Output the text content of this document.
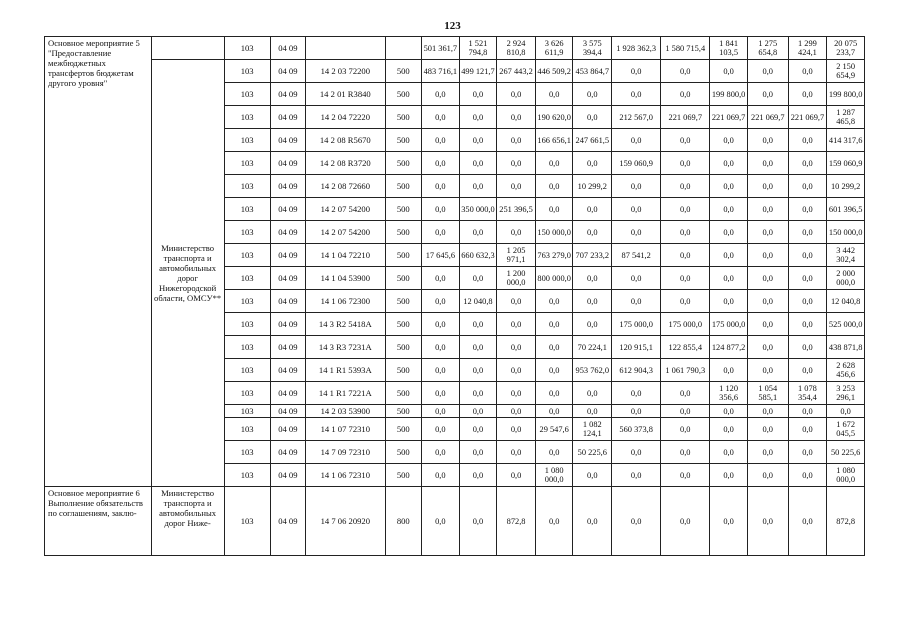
123
Основное мероприятие 5 "Предоставление межбюджетных трансфертов бюджетам другого уровня"		103	04 09			501 361,7	1 521 794,8	2 924 810,8	3 626 611,9	3 575 394,4	1 928 362,3	1 580 715,4	1 841 103,5	1 275 654,8	1 299 424,1	20 075 233,7
	Министерство транспорта и автомобильных дорог Нижегородской области, ОМСУ**	103	04 09	14 2 03 72200	500	483 716,1	499 121,7	267 443,2	446 509,2	453 864,7	0,0	0,0	0,0	0,0	0,0	2 150 654,9
		103	04 09	14 2 01 R3840	500	0,0	0,0	0,0	0,0	0,0	0,0	0,0	199 800,0	0,0	0,0	199 800,0
		103	04 09	14 2 04 72220	500	0,0	0,0	0,0	190 620,0	0,0	212 567,0	221 069,7	221 069,7	221 069,7	221 069,7	1 287 465,8
		103	04 09	14 2 08 R5670	500	0,0	0,0	0,0	166 656,1	247 661,5	0,0	0,0	0,0	0,0	0,0	414 317,6
		103	04 09	14 2 08 R3720	500	0,0	0,0	0,0	0,0	0,0	159 060,9	0,0	0,0	0,0	0,0	159 060,9
		103	04 09	14 2 08 72660	500	0,0	0,0	0,0	0,0	10 299,2	0,0	0,0	0,0	0,0	0,0	10 299,2
		103	04 09	14 2 07 54200	500	0,0	350 000,0	251 396,5	0,0	0,0	0,0	0,0	0,0	0,0	0,0	601 396,5
		103	04 09	14 2 07 54200	500	0,0	0,0	0,0	150 000,0	0,0	0,0	0,0	0,0	0,0	0,0	150 000,0
		103	04 09	14 1 04 72210	500	17 645,6	660 632,3	1 205 971,1	763 279,0	707 233,2	87 541,2	0,0	0,0	0,0	0,0	3 442 302,4
		103	04 09	14 1 04 53900	500	0,0	0,0	1 200 000,0	800 000,0	0,0	0,0	0,0	0,0	0,0	0,0	2 000 000,0
		103	04 09	14 1 06 72300	500	0,0	12 040,8	0,0	0,0	0,0	0,0	0,0	0,0	0,0	0,0	12 040,8
		103	04 09	14 3 R2 5418A	500	0,0	0,0	0,0	0,0	0,0	175 000,0	175 000,0	175 000,0	0,0	0,0	525 000,0
		103	04 09	14 3 R3 7231A	500	0,0	0,0	0,0	0,0	70 224,1	120 915,1	122 855,4	124 877,2	0,0	0,0	438 871,8
		103	04 09	14 1 R1 5393A	500	0,0	0,0	0,0	0,0	953 762,0	612 904,3	1 061 790,3	0,0	0,0	0,0	2 628 456,6
		103	04 09	14 1 R1 7221A	500	0,0	0,0	0,0	0,0	0,0	0,0	0,0	1 120 356,6	1 054 585,1	1 078 354,4	3 253 296,1
		103	04 09	14 2 03 53900	500	0,0	0,0	0,0	0,0	0,0	0,0	0,0	0,0	0,0	0,0	0,0
		103	04 09	14 1 07 72310	500	0,0	0,0	0,0	29 547,6	1 082 124,1	560 373,8	0,0	0,0	0,0	0,0	1 672 045,5
		103	04 09	14 7 09 72310	500	0,0	0,0	0,0	0,0	50 225,6	0,0	0,0	0,0	0,0	0,0	50 225,6
		103	04 09	14 1 06 72310	500	0,0	0,0	0,0	1 080 000,0	0,0	0,0	0,0	0,0	0,0	0,0	1 080 000,0
Основное мероприятие 6 Выполнение обязательств по соглашениям, заклю-	Министерство транспорта и автомобильных дорог Ниже-	103	04 09	14 7 06 20920	800	0,0	0,0	872,8	0,0	0,0	0,0	0,0	0,0	0,0	0,0	872,8
